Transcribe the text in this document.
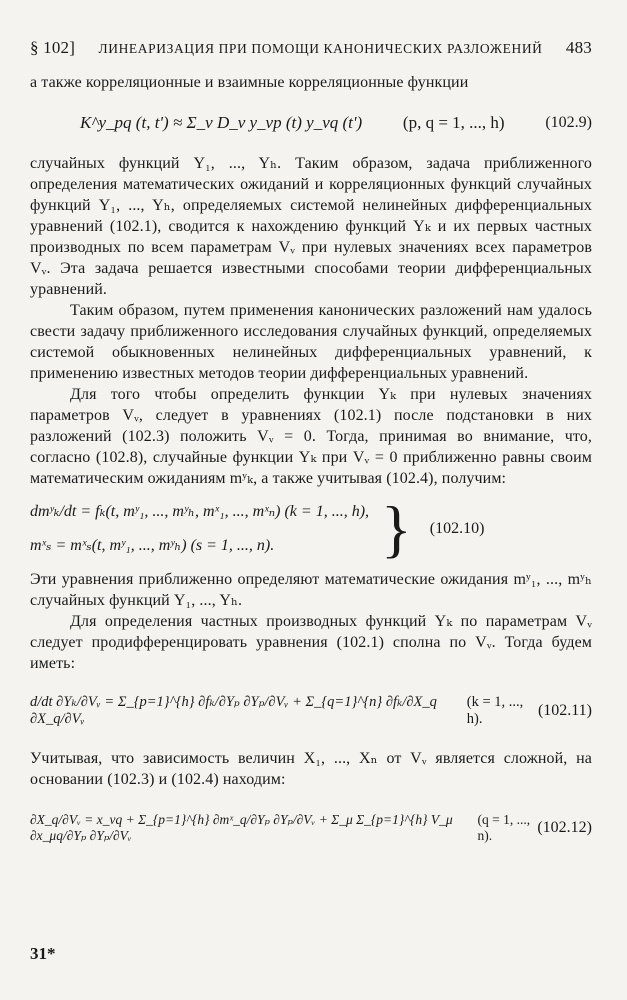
§ 102] ЛИНЕАРИЗАЦИЯ ПРИ ПОМОЩИ КАНОНИЧЕСКИХ РАЗЛОЖЕНИЙ 483

а также корреляционные и взаимные корреляционные функции

K^y_pq (t, t') ≈ Σ_ν D_ν y_νp (t) y_νq (t') (p, q = 1, ..., h)	(102.9)

случайных функций Y₁, ..., Yₕ. Таким образом, задача приближенного определения математических ожиданий и корреляционных функций случайных функций Y₁, ..., Yₕ, определяемых системой нелинейных дифференциальных уравнений (102.1), сводится к нахождению функций Yₖ и их первых частных производных по всем параметрам Vᵥ при нулевых значениях всех параметров Vᵥ. Эта задача решается известными способами теории дифференциальных уравнений.

Таким образом, путем применения канонических разложений нам удалось свести задачу приближенного исследования случайных функций, определяемых системой обыкновенных нелинейных дифференциальных уравнений, к применению известных методов теории дифференциальных уравнений.

Для того чтобы определить функции Yₖ при нулевых значениях параметров Vᵥ, следует в уравнениях (102.1) после подстановки в них разложений (102.3) положить Vᵥ = 0. Тогда, принимая во внимание, что, согласно (102.8), случайные функции Yₖ при Vᵥ = 0 приближенно равны своим математическим ожиданиям mʸₖ, а также учитывая (102.4), получим:

dmʸₖ/dt = fₖ(t, mʸ₁, ..., mʸₕ, mˣ₁, ..., mˣₙ) (k = 1, ..., h),
mˣₛ = mˣₛ(t, mʸ₁, ..., mʸₕ) (s = 1, ..., n).	} (102.10)

Эти уравнения приближенно определяют математические ожидания mʸ₁, ..., mʸₕ случайных функций Y₁, ..., Yₕ.

Для определения частных производных функций Yₖ по параметрам Vᵥ следует продифференцировать уравнения (102.1) сполна по Vᵥ. Тогда будем иметь:

d/dt ∂Yₖ/∂Vᵥ = Σ_{p=1}^{h} ∂fₖ/∂Yₚ ∂Yₚ/∂Vᵥ + Σ_{q=1}^{n} ∂fₖ/∂X_q ∂X_q/∂Vᵥ
(k = 1, ..., h).	(102.11)

Учитывая, что зависимость величин X₁, ..., Xₙ от Vᵥ является сложной, на основании (102.3) и (102.4) находим:

∂X_q/∂Vᵥ = x_νq + Σ_{p=1}^{h} ∂mˣ_q/∂Yₚ ∂Yₚ/∂Vᵥ + Σ_μ Σ_{p=1}^{h} V_μ ∂x_μq/∂Yₚ ∂Yₚ/∂Vᵥ
(q = 1, ..., n).	(102.12)
31*
